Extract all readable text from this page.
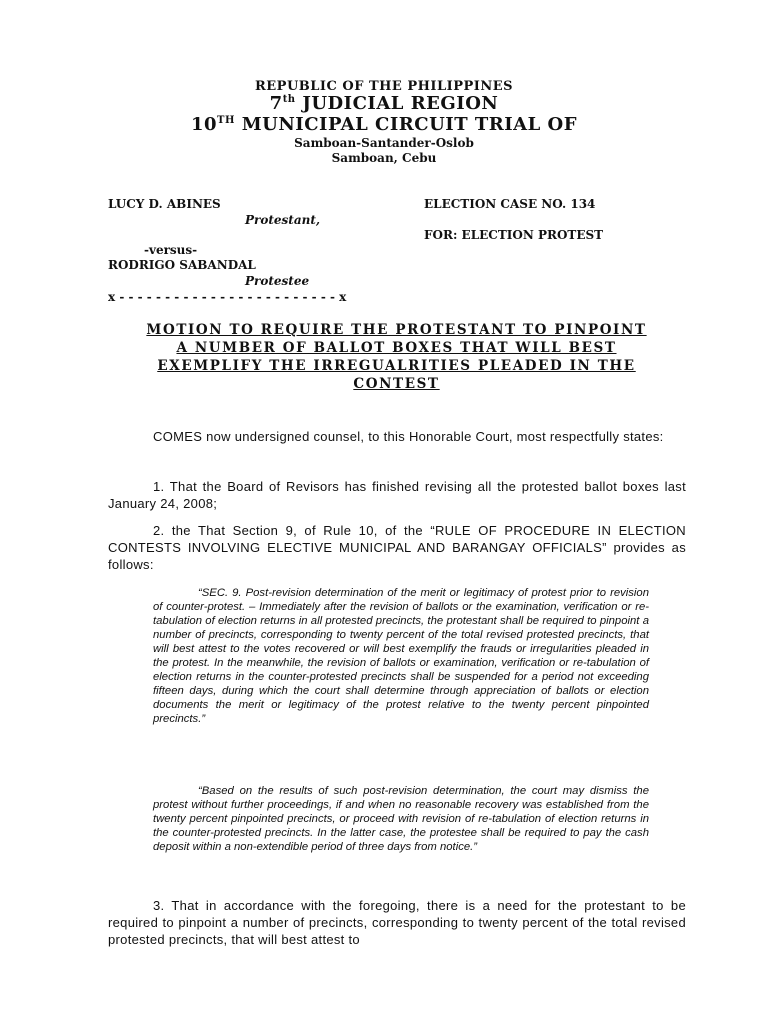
REPUBLIC OF THE PHILIPPINES
7th JUDICIAL REGION
10TH MUNICIPAL CIRCUIT TRIAL OF
Samboan-Santander-Oslob
Samboan, Cebu
LUCY D. ABINES
Protestant,
-versus-
RODRIGO SABANDAL
Protestee
x - - - - - - - - - - - - - - - - - - - - - - - - x
ELECTION CASE NO. 134
FOR: ELECTION PROTEST
MOTION TO REQUIRE THE PROTESTANT TO PINPOINT
A NUMBER OF BALLOT BOXES THAT WILL BEST
EXEMPLIFY THE IRREGUALRITIES PLEADED IN THE
CONTEST
COMES now undersigned counsel, to this Honorable Court, most respectfully states:
1. That the Board of Revisors has finished revising all the protested ballot boxes last January 24, 2008;
2. the That Section 9, of Rule 10, of the “RULE OF PROCEDURE IN ELECTION CONTESTS INVOLVING ELECTIVE MUNICIPAL AND BARANGAY OFFICIALS” provides as follows:
“SEC. 9. Post-revision determination of the merit or legitimacy of protest prior to revision of counter-protest. – Immediately after the revision of ballots or the examination, verification or re-tabulation of election returns in all protested precincts, the protestant shall be required to pinpoint a number of precincts, corresponding to twenty percent of the total revised protested precincts, that will best attest to the votes recovered or will best exemplify the frauds or irregularities pleaded in the protest. In the meanwhile, the revision of ballots or examination, verification or re-tabulation of election returns in the counter-protested precincts shall be suspended for a period not exceeding fifteen days, during which the court shall determine through appreciation of ballots or election documents the merit or legitimacy of the protest relative to the twenty percent pinpointed precincts.”
“Based on the results of such post-revision determination, the court may dismiss the protest without further proceedings, if and when no reasonable recovery was established from the twenty percent pinpointed precincts, or proceed with revision of re-tabulation of election returns in the counter-protested precincts. In the latter case, the protestee shall be required to pay the cash deposit within a non-extendible period of three days from notice.”
3. That in accordance with the foregoing, there is a need for the protestant to be required to pinpoint a number of precincts, corresponding to twenty percent of the total revised protested precincts, that will best attest to
